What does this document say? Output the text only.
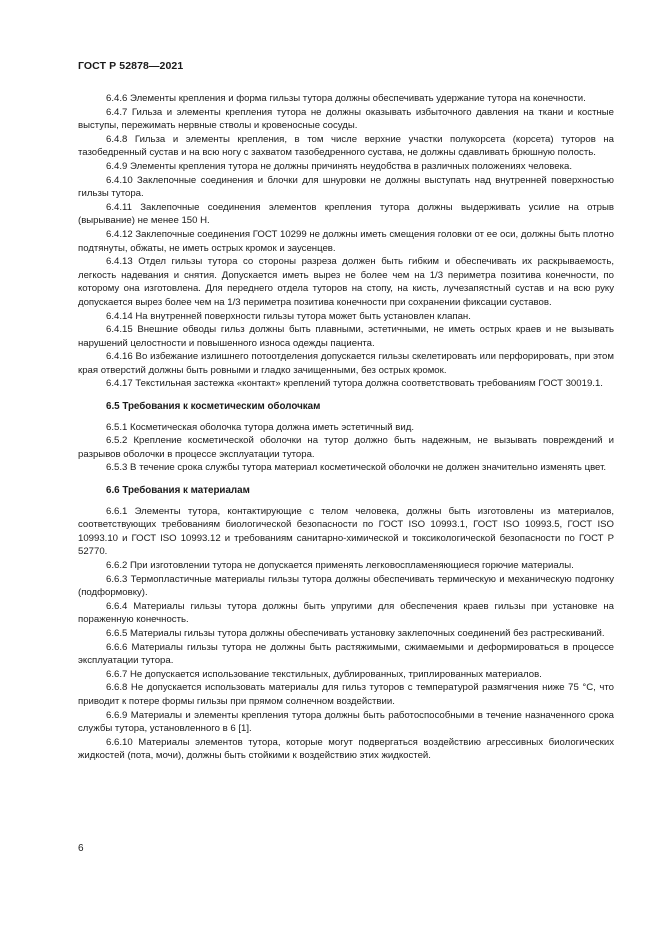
ГОСТ Р 52878—2021

6.4.6 Элементы крепления и форма гильзы тутора должны обеспечивать удержание тутора на конечности.

6.4.7 Гильза и элементы крепления тутора не должны оказывать избыточного давления на ткани и костные выступы, пережимать нервные стволы и кровеносные сосуды.

6.4.8 Гильза и элементы крепления, в том числе верхние участки полукорсета (корсета) туторов на тазобедренный сустав и на всю ногу с захватом тазобедренного сустава, не должны сдавливать брюшную полость.

6.4.9 Элементы крепления тутора не должны причинять неудобства в различных положениях человека.

6.4.10 Заклепочные соединения и блочки для шнуровки не должны выступать над внутренней поверхностью гильзы тутора.

6.4.11 Заклепочные соединения элементов крепления тутора должны выдерживать усилие на отрыв (вырывание) не менее 150 Н.

6.4.12 Заклепочные соединения ГОСТ 10299 не должны иметь смещения головки от ее оси, должны быть плотно подтянуты, обжаты, не иметь острых кромок и заусенцев.

6.4.13 Отдел гильзы тутора со стороны разреза должен быть гибким и обеспечивать их раскрываемость, легкость надевания и снятия. Допускается иметь вырез не более чем на 1/3 периметра позитива конечности, по которому она изготовлена. Для переднего отдела туторов на стопу, на кисть, лучезапястный сустав и на всю руку допускается вырез более чем на 1/3 периметра позитива конечности при сохранении фиксации суставов.

6.4.14 На внутренней поверхности гильзы тутора может быть установлен клапан.

6.4.15 Внешние обводы гильз должны быть плавными, эстетичными, не иметь острых краев и не вызывать нарушений целостности и повышенного износа одежды пациента.

6.4.16 Во избежание излишнего потоотделения допускается гильзы скелетировать или перфорировать, при этом края отверстий должны быть ровными и гладко зачищенными, без острых кромок.

6.4.17 Текстильная застежка «контакт» креплений тутора должна соответствовать требованиям ГОСТ 30019.1.

6.5 Требования к косметическим оболочкам

6.5.1 Косметическая оболочка тутора должна иметь эстетичный вид.

6.5.2 Крепление косметической оболочки на тутор должно быть надежным, не вызывать повреждений и разрывов оболочки в процессе эксплуатации тутора.

6.5.3 В течение срока службы тутора материал косметической оболочки не должен значительно изменять цвет.

6.6 Требования к материалам

6.6.1 Элементы тутора, контактирующие с телом человека, должны быть изготовлены из материалов, соответствующих требованиям биологической безопасности по ГОСТ ISO 10993.1, ГОСТ ISO 10993.5, ГОСТ ISO 10993.10 и ГОСТ ISO 10993.12 и требованиям санитарно-химической и токсикологической безопасности по ГОСТ Р 52770.

6.6.2 При изготовлении тутора не допускается применять легковоспламеняющиеся горючие материалы.

6.6.3 Термопластичные материалы гильзы тутора должны обеспечивать термическую и механическую подгонку (подформовку).

6.6.4 Материалы гильзы тутора должны быть упругими для обеспечения краев гильзы при установке на пораженную конечность.

6.6.5 Материалы гильзы тутора должны обеспечивать установку заклепочных соединений без растрескиваний.

6.6.6 Материалы гильзы тутора не должны быть растяжимыми, сжимаемыми и деформироваться в процессе эксплуатации тутора.

6.6.7 Не допускается использование текстильных, дублированных, триплированных материалов.

6.6.8 Не допускается использовать материалы для гильз туторов с температурой размягчения ниже 75 °С, что приводит к потере формы гильзы при прямом солнечном воздействии.

6.6.9 Материалы и элементы крепления тутора должны быть работоспособными в течение назначенного срока службы тутора, установленного в 6 [1].

6.6.10 Материалы элементов тутора, которые могут подвергаться воздействию агрессивных биологических жидкостей (пота, мочи), должны быть стойкими к воздействию этих жидкостей.

6
